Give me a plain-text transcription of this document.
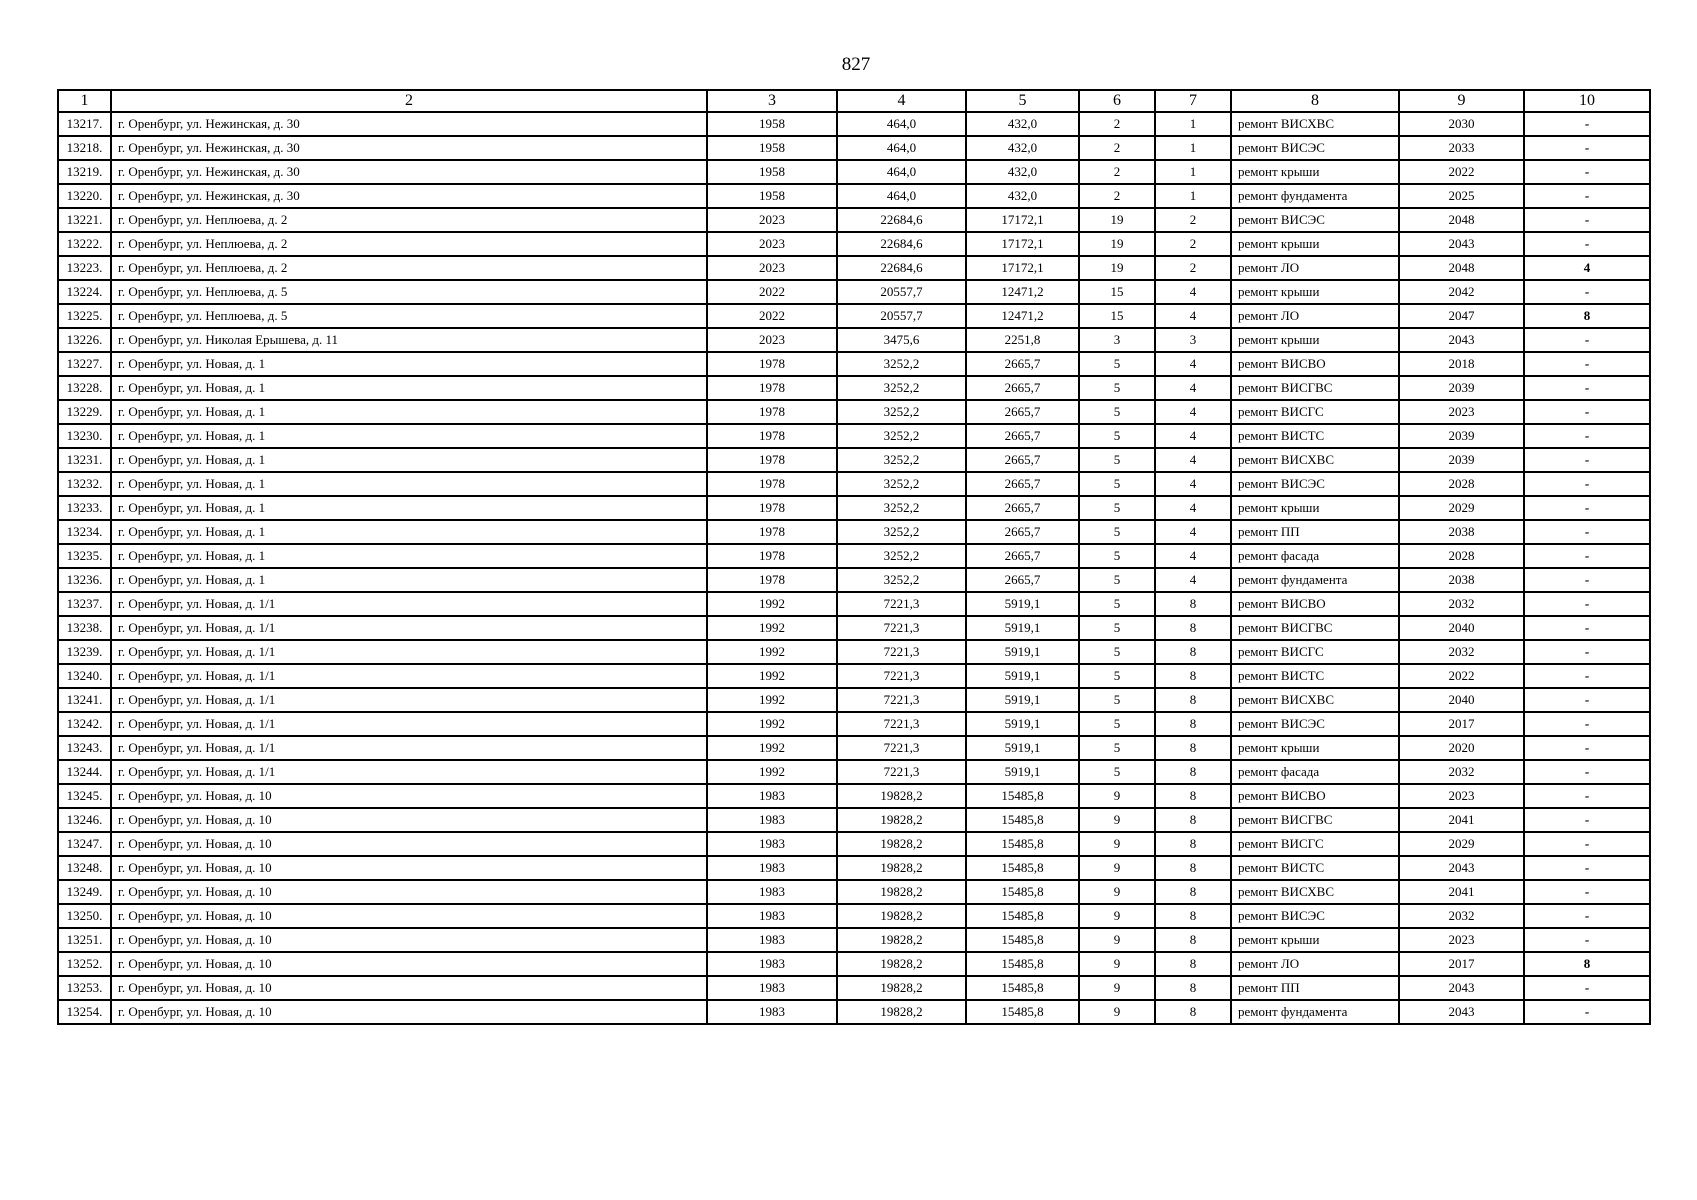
827
1	2	3	4	5	6	7	8	9	10
13217.	г. Оренбург, ул. Нежинская, д. 30	1958	464,0	432,0	2	1	ремонт ВИСХВС	2030	-
13218.	г. Оренбург, ул. Нежинская, д. 30	1958	464,0	432,0	2	1	ремонт ВИСЭС	2033	-
13219.	г. Оренбург, ул. Нежинская, д. 30	1958	464,0	432,0	2	1	ремонт крыши	2022	-
13220.	г. Оренбург, ул. Нежинская, д. 30	1958	464,0	432,0	2	1	ремонт фундамента	2025	-
13221.	г. Оренбург, ул. Неплюева, д. 2	2023	22684,6	17172,1	19	2	ремонт ВИСЭС	2048	-
13222.	г. Оренбург, ул. Неплюева, д. 2	2023	22684,6	17172,1	19	2	ремонт крыши	2043	-
13223.	г. Оренбург, ул. Неплюева, д. 2	2023	22684,6	17172,1	19	2	ремонт ЛО	2048	4
13224.	г. Оренбург, ул. Неплюева, д. 5	2022	20557,7	12471,2	15	4	ремонт крыши	2042	-
13225.	г. Оренбург, ул. Неплюева, д. 5	2022	20557,7	12471,2	15	4	ремонт ЛО	2047	8
13226.	г. Оренбург, ул. Николая Ерышева, д. 11	2023	3475,6	2251,8	3	3	ремонт крыши	2043	-
13227.	г. Оренбург, ул. Новая, д. 1	1978	3252,2	2665,7	5	4	ремонт ВИСВО	2018	-
13228.	г. Оренбург, ул. Новая, д. 1	1978	3252,2	2665,7	5	4	ремонт ВИСГВС	2039	-
13229.	г. Оренбург, ул. Новая, д. 1	1978	3252,2	2665,7	5	4	ремонт ВИСГС	2023	-
13230.	г. Оренбург, ул. Новая, д. 1	1978	3252,2	2665,7	5	4	ремонт ВИСТС	2039	-
13231.	г. Оренбург, ул. Новая, д. 1	1978	3252,2	2665,7	5	4	ремонт ВИСХВС	2039	-
13232.	г. Оренбург, ул. Новая, д. 1	1978	3252,2	2665,7	5	4	ремонт ВИСЭС	2028	-
13233.	г. Оренбург, ул. Новая, д. 1	1978	3252,2	2665,7	5	4	ремонт крыши	2029	-
13234.	г. Оренбург, ул. Новая, д. 1	1978	3252,2	2665,7	5	4	ремонт ПП	2038	-
13235.	г. Оренбург, ул. Новая, д. 1	1978	3252,2	2665,7	5	4	ремонт фасада	2028	-
13236.	г. Оренбург, ул. Новая, д. 1	1978	3252,2	2665,7	5	4	ремонт фундамента	2038	-
13237.	г. Оренбург, ул. Новая, д. 1/1	1992	7221,3	5919,1	5	8	ремонт ВИСВО	2032	-
13238.	г. Оренбург, ул. Новая, д. 1/1	1992	7221,3	5919,1	5	8	ремонт ВИСГВС	2040	-
13239.	г. Оренбург, ул. Новая, д. 1/1	1992	7221,3	5919,1	5	8	ремонт ВИСГС	2032	-
13240.	г. Оренбург, ул. Новая, д. 1/1	1992	7221,3	5919,1	5	8	ремонт ВИСТС	2022	-
13241.	г. Оренбург, ул. Новая, д. 1/1	1992	7221,3	5919,1	5	8	ремонт ВИСХВС	2040	-
13242.	г. Оренбург, ул. Новая, д. 1/1	1992	7221,3	5919,1	5	8	ремонт ВИСЭС	2017	-
13243.	г. Оренбург, ул. Новая, д. 1/1	1992	7221,3	5919,1	5	8	ремонт крыши	2020	-
13244.	г. Оренбург, ул. Новая, д. 1/1	1992	7221,3	5919,1	5	8	ремонт фасада	2032	-
13245.	г. Оренбург, ул. Новая, д. 10	1983	19828,2	15485,8	9	8	ремонт ВИСВО	2023	-
13246.	г. Оренбург, ул. Новая, д. 10	1983	19828,2	15485,8	9	8	ремонт ВИСГВС	2041	-
13247.	г. Оренбург, ул. Новая, д. 10	1983	19828,2	15485,8	9	8	ремонт ВИСГС	2029	-
13248.	г. Оренбург, ул. Новая, д. 10	1983	19828,2	15485,8	9	8	ремонт ВИСТС	2043	-
13249.	г. Оренбург, ул. Новая, д. 10	1983	19828,2	15485,8	9	8	ремонт ВИСХВС	2041	-
13250.	г. Оренбург, ул. Новая, д. 10	1983	19828,2	15485,8	9	8	ремонт ВИСЭС	2032	-
13251.	г. Оренбург, ул. Новая, д. 10	1983	19828,2	15485,8	9	8	ремонт крыши	2023	-
13252.	г. Оренбург, ул. Новая, д. 10	1983	19828,2	15485,8	9	8	ремонт ЛО	2017	8
13253.	г. Оренбург, ул. Новая, д. 10	1983	19828,2	15485,8	9	8	ремонт ПП	2043	-
13254.	г. Оренбург, ул. Новая, д. 10	1983	19828,2	15485,8	9	8	ремонт фундамента	2043	-
